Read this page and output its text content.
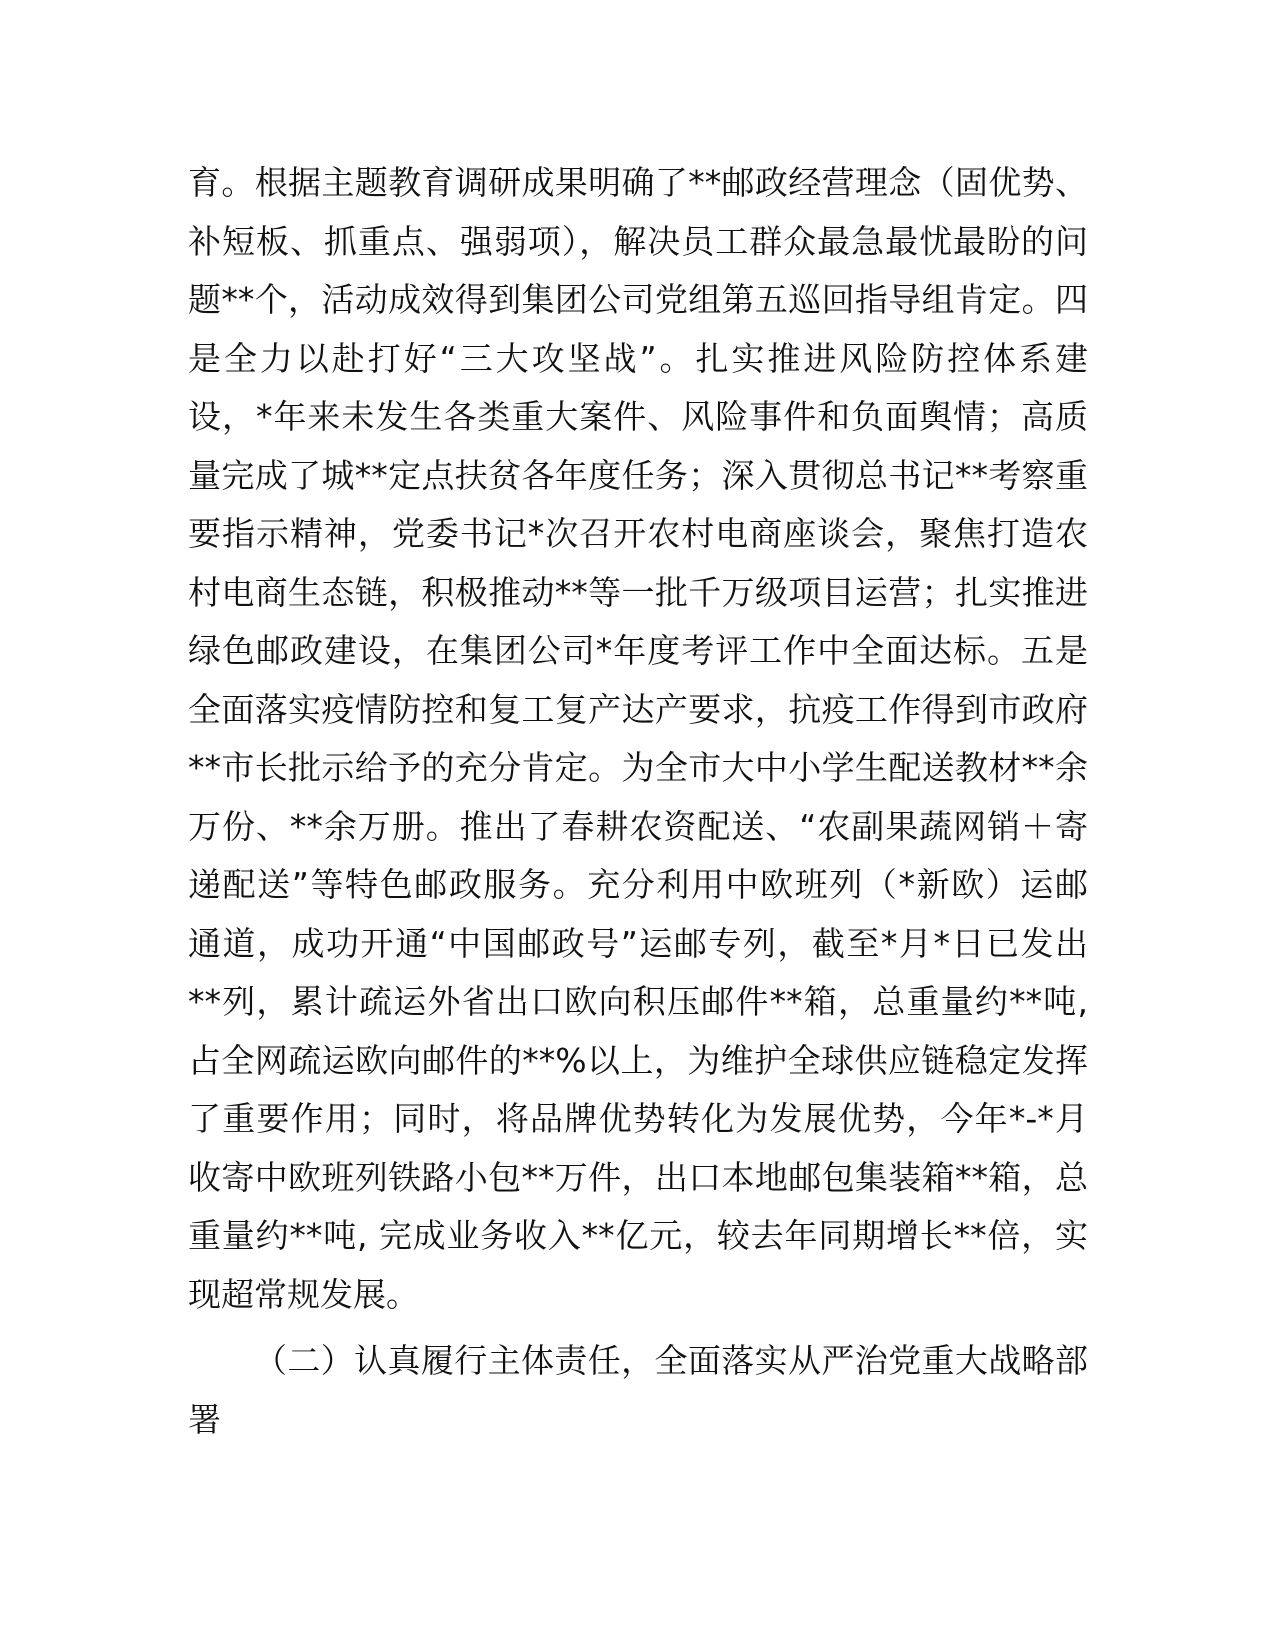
育。根据主题教育调研成果明确了**邮政经营理念（固优势、
补短板、抓重点、强弱项），解决员工群众最急最忧最盼的问
题**个，活动成效得到集团公司党组第五巡回指导组肯定。四
是全力以赴打好“三大攻坚战”。扎实推进风险防控体系建
设，*年来未发生各类重大案件、风险事件和负面舆情；高质
量完成了城**定点扶贫各年度任务；深入贯彻总书记**考察重
要指示精神，党委书记*次召开农村电商座谈会，聚焦打造农
村电商生态链，积极推动**等一批千万级项目运营；扎实推进
绿色邮政建设，在集团公司*年度考评工作中全面达标。五是
全面落实疫情防控和复工复产达产要求，抗疫工作得到市政府
**市长批示给予的充分肯定。为全市大中小学生配送教材**余
万份、**余万册。推出了春耕农资配送、“农副果蔬网销＋寄
递配送”等特色邮政服务。充分利用中欧班列（*新欧）运邮
通道，成功开通“中国邮政号”运邮专列，截至*月*日已发出
**列，累计疏运外省出口欧向积压邮件**箱，总重量约**吨,
占全网疏运欧向邮件的**%以上，为维护全球供应链稳定发挥
了重要作用；同时，将品牌优势转化为发展优势，今年*-*月
收寄中欧班列铁路小包**万件，出口本地邮包集装箱**箱，总
重量约**吨, 完成业务收入**亿元，较去年同期增长**倍，实
现超常规发展。
（二）认真履行主体责任，全面落实从严治党重大战略部
署
